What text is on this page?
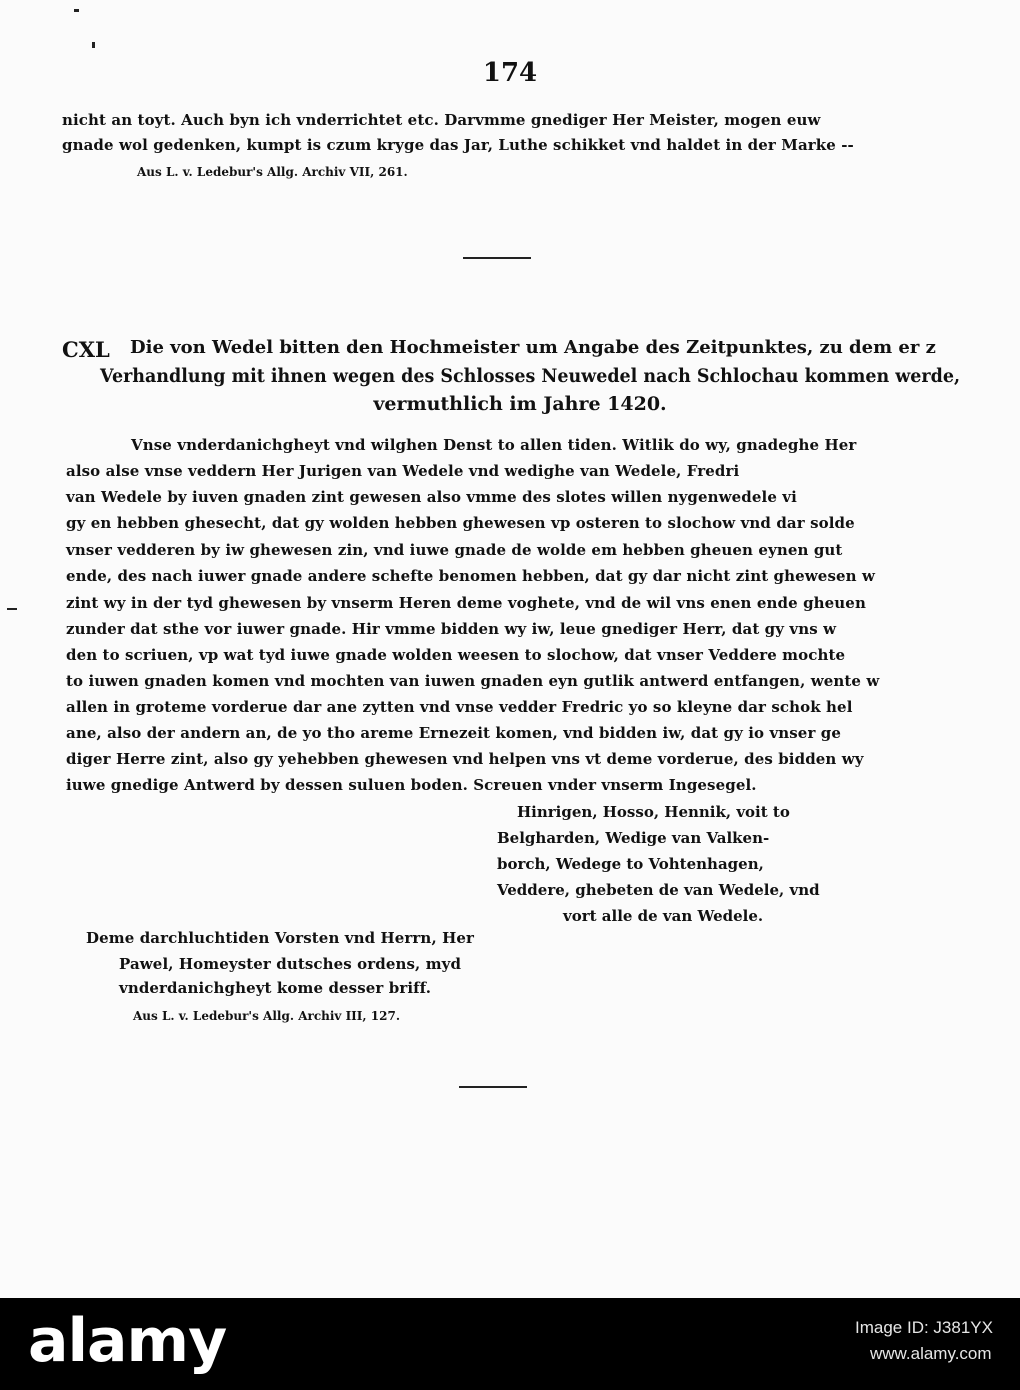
174
nicht an toyt. Auch byn ich vnderrichtet etc. Darvmme gnediger Her Meister, mogen euw
gnade wol gedenken, kumpt is czum kryge das Jar, Luthe schikket vnd haldet in der Marke --
Aus L. v. Ledebur's Allg. Archiv VII, 261.
CXL Die von Wedel bitten den Hochmeister um Angabe des Zeitpunktes, zu dem er z
Verhandlung mit ihnen wegen des Schlosses Neuwedel nach Schlochau kommen werde,
vermuthlich im Jahre 1420.
Vnse vnderdanichgheyt vnd wilghen Denst to allen tiden. Witlik do wy, gnadeghe Her
also alse vnse veddern Her Jurigen van Wedele vnd wedighe van Wedele, Fredri
van Wedele by iuven gnaden zint gewesen also vmme des slotes willen nygenwedele vi
gy en hebben ghesecht, dat gy wolden hebben ghewesen vp osteren to slochow vnd dar solde
vnser vedderen by iw ghewesen zin, vnd iuwe gnade de wolde em hebben gheuen eynen gut
ende, des nach iuwer gnade andere schefte benomen hebben, dat gy dar nicht zint ghewesen w
zint wy in der tyd ghewesen by vnserm Heren deme voghete, vnd de wil vns enen ende gheuen
zunder dat sthe vor iuwer gnade. Hir vmme bidden wy iw, leue gnediger Herr, dat gy vns w
den to scriuen, vp wat tyd iuwe gnade wolden weesen to slochow, dat vnser Veddere mochte
to iuwen gnaden komen vnd mochten van iuwen gnaden eyn gutlik antwerd entfangen, wente w
allen in groteme vorderue dar ane zytten vnd vnse vedder Fredric yo so kleyne dar schok hel
ane, also der andern an, de yo tho areme Ernezeit komen, vnd bidden iw, dat gy io vnser ge
diger Herre zint, also gy yehebben ghewesen vnd helpen vns vt deme vorderue, des bidden wy
iuwe gnedige Antwerd by dessen suluen boden. Screuen vnder vnserm Ingesegel.
Hinrigen, Hosso, Hennik, voit to
Belgharden, Wedige van Valken-
borch, Wedege to Vohtenhagen,
Veddere, ghebeten de van Wedele, vnd
vort alle de van Wedele.
Deme darchluchtiden Vorsten vnd Herrn, Her
Pawel, Homeyster dutsches ordens, myd
vnderdanichgheyt kome desser briff.
Aus L. v. Ledebur's Allg. Archiv III, 127.
alamy	Image ID: J381YX
www.alamy.com
